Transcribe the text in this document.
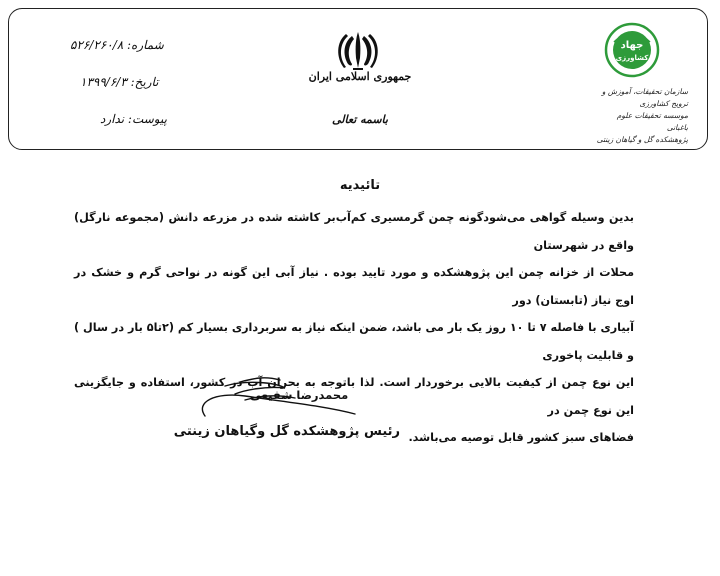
شماره: ۵۲۶/۲۶۰/۸
تاریخ: ۱۳۹۹/۶/۳
پیوست: ندارد
جمهوری اسلامی ایران
باسمه تعالی
جهاد
کشاورزی
سازمان تحقیقات، آموزش و ترویج کشاورزی
موسسه تحقیقات علوم باغبانی
پژوهشکده گل و گیاهان زینتی
تائیدیه
بدین وسیله گواهی می‌شودگونه چمن گرمسیری کم‌آب‌بر کاشته شده در مزرعه دانش (مجموعه نارگل) واقع در شهرستان
محلات از خزانه چمن این پژوهشکده و مورد تایید بوده . نیاز آبی این گونه در نواحی گرم و خشک در اوج نیاز (تابستان) دور
آبیاری با فاصله ۷ تا ۱۰ روز یک بار می باشد، ضمن اینکه نیاز به سربرداری بسیار کم (۲تا۵ بار در سال ) و قابلیت پاخوری
این نوع چمن از کیفیت بالایی برخوردار است. لذا باتوجه به بحران آب در کشور، استفاده و جایگزینی این نوع چمن در
فضاهای سبز کشور قابل توصیه می‌باشد.
محمدرضا شفیعی
رئیس پژوهشکده گل وگیاهان زینتی
